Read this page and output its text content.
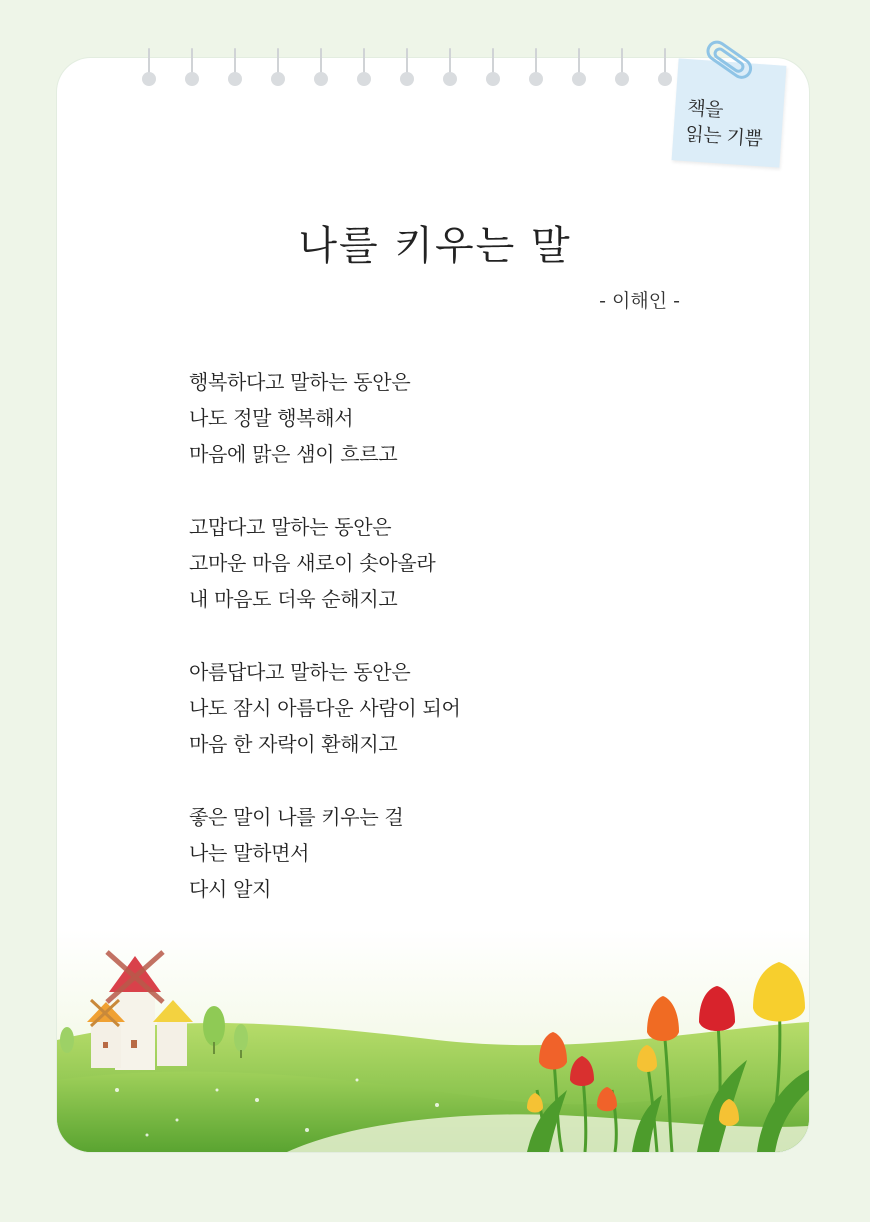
책을
읽는 기쁨
나를 키우는 말
- 이해인 -
행복하다고 말하는 동안은
나도 정말 행복해서
마음에 맑은 샘이 흐르고
고맙다고 말하는 동안은
고마운 마음 새로이 솟아올라
내 마음도 더욱 순해지고
아름답다고 말하는 동안은
나도 잠시 아름다운 사람이 되어
마음 한 자락이 환해지고
좋은 말이 나를 키우는 걸
나는 말하면서
다시 알지
